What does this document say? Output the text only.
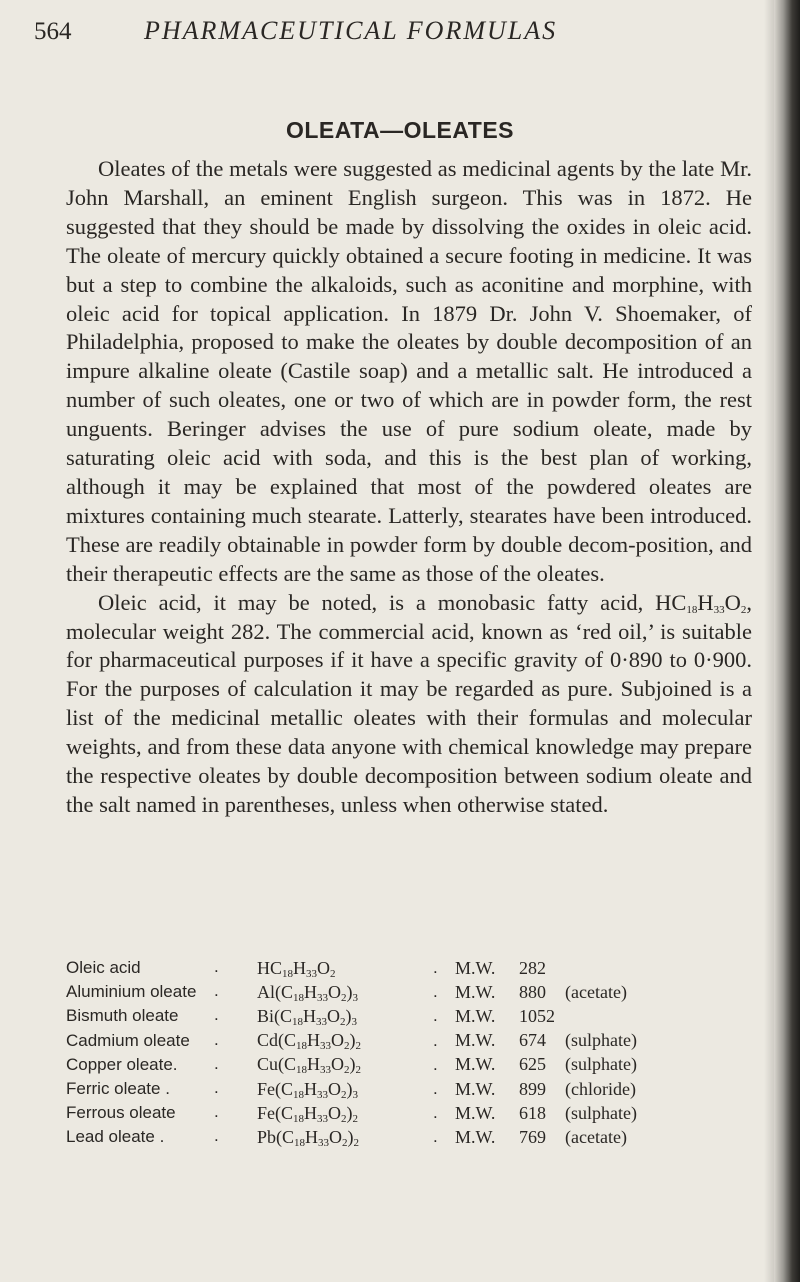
564	PHARMACEUTICAL FORMULAS
OLEATA—OLEATES

Oleates of the metals were suggested as medicinal agents by the late Mr. John Marshall, an eminent English surgeon. This was in 1872. He suggested that they should be made by dissolving the oxides in oleic acid. The oleate of mercury quickly obtained a secure footing in medicine. It was but a step to combine the alkaloids, such as aconitine and morphine, with oleic acid for topical application. In 1879 Dr. John V. Shoemaker, of Philadelphia, proposed to make the oleates by double decomposition of an impure alkaline oleate (Castile soap) and a metallic salt. He introduced a number of such oleates, one or two of which are in powder form, the rest unguents. Beringer advises the use of pure sodium oleate, made by saturating oleic acid with soda, and this is the best plan of working, although it may be explained that most of the powdered oleates are mixtures containing much stearate. Latterly, stearates have been introduced. These are readily obtainable in powder form by double decom-position, and their therapeutic effects are the same as those of the oleates.

Oleic acid, it may be noted, is a monobasic fatty acid, $HC_{18}H_{33}O_2$, molecular weight 282. The commercial acid, known as ‘red oil,’ is suitable for pharmaceutical purposes if it have a specific gravity of 0·890 to 0·900. For the purposes of calculation it may be regarded as pure. Subjoined is a list of the medicinal metallic oleates with their formulas and molecular weights, and from these data anyone with chemical knowledge may prepare the respective oleates by double decomposition between sodium oleate and the salt named in parentheses, unless when otherwise stated.

Oleic acid .	$HC_{18}H_{33}O_2$	.	M.W.	282

Aluminium oleate .	$Al(C_{18}H_{33}O_2)_3$	.	M.W.	880 (acetate)

Bismuth oleate .	$Bi(C_{18}H_{33}O_2)_3$	.	M.W.	1052

Cadmium oleate .	$Cd(C_{18}H_{33}O_2)_2$	.	M.W.	674 (sulphate)

Copper oleate. .	$Cu(C_{18}H_{33}O_2)_2$	.	M.W.	625 (sulphate)

Ferric oleate . .	$Fe(C_{18}H_{33}O_2)_3$	.	M.W.	899 (chloride)

Ferrous oleate .	$Fe(C_{18}H_{33}O_2)_2$	.	M.W.	618 (sulphate)

Lead oleate . .	$Pb(C_{18}H_{33}O_2)_2$	.	M.W.	769 (acetate)
